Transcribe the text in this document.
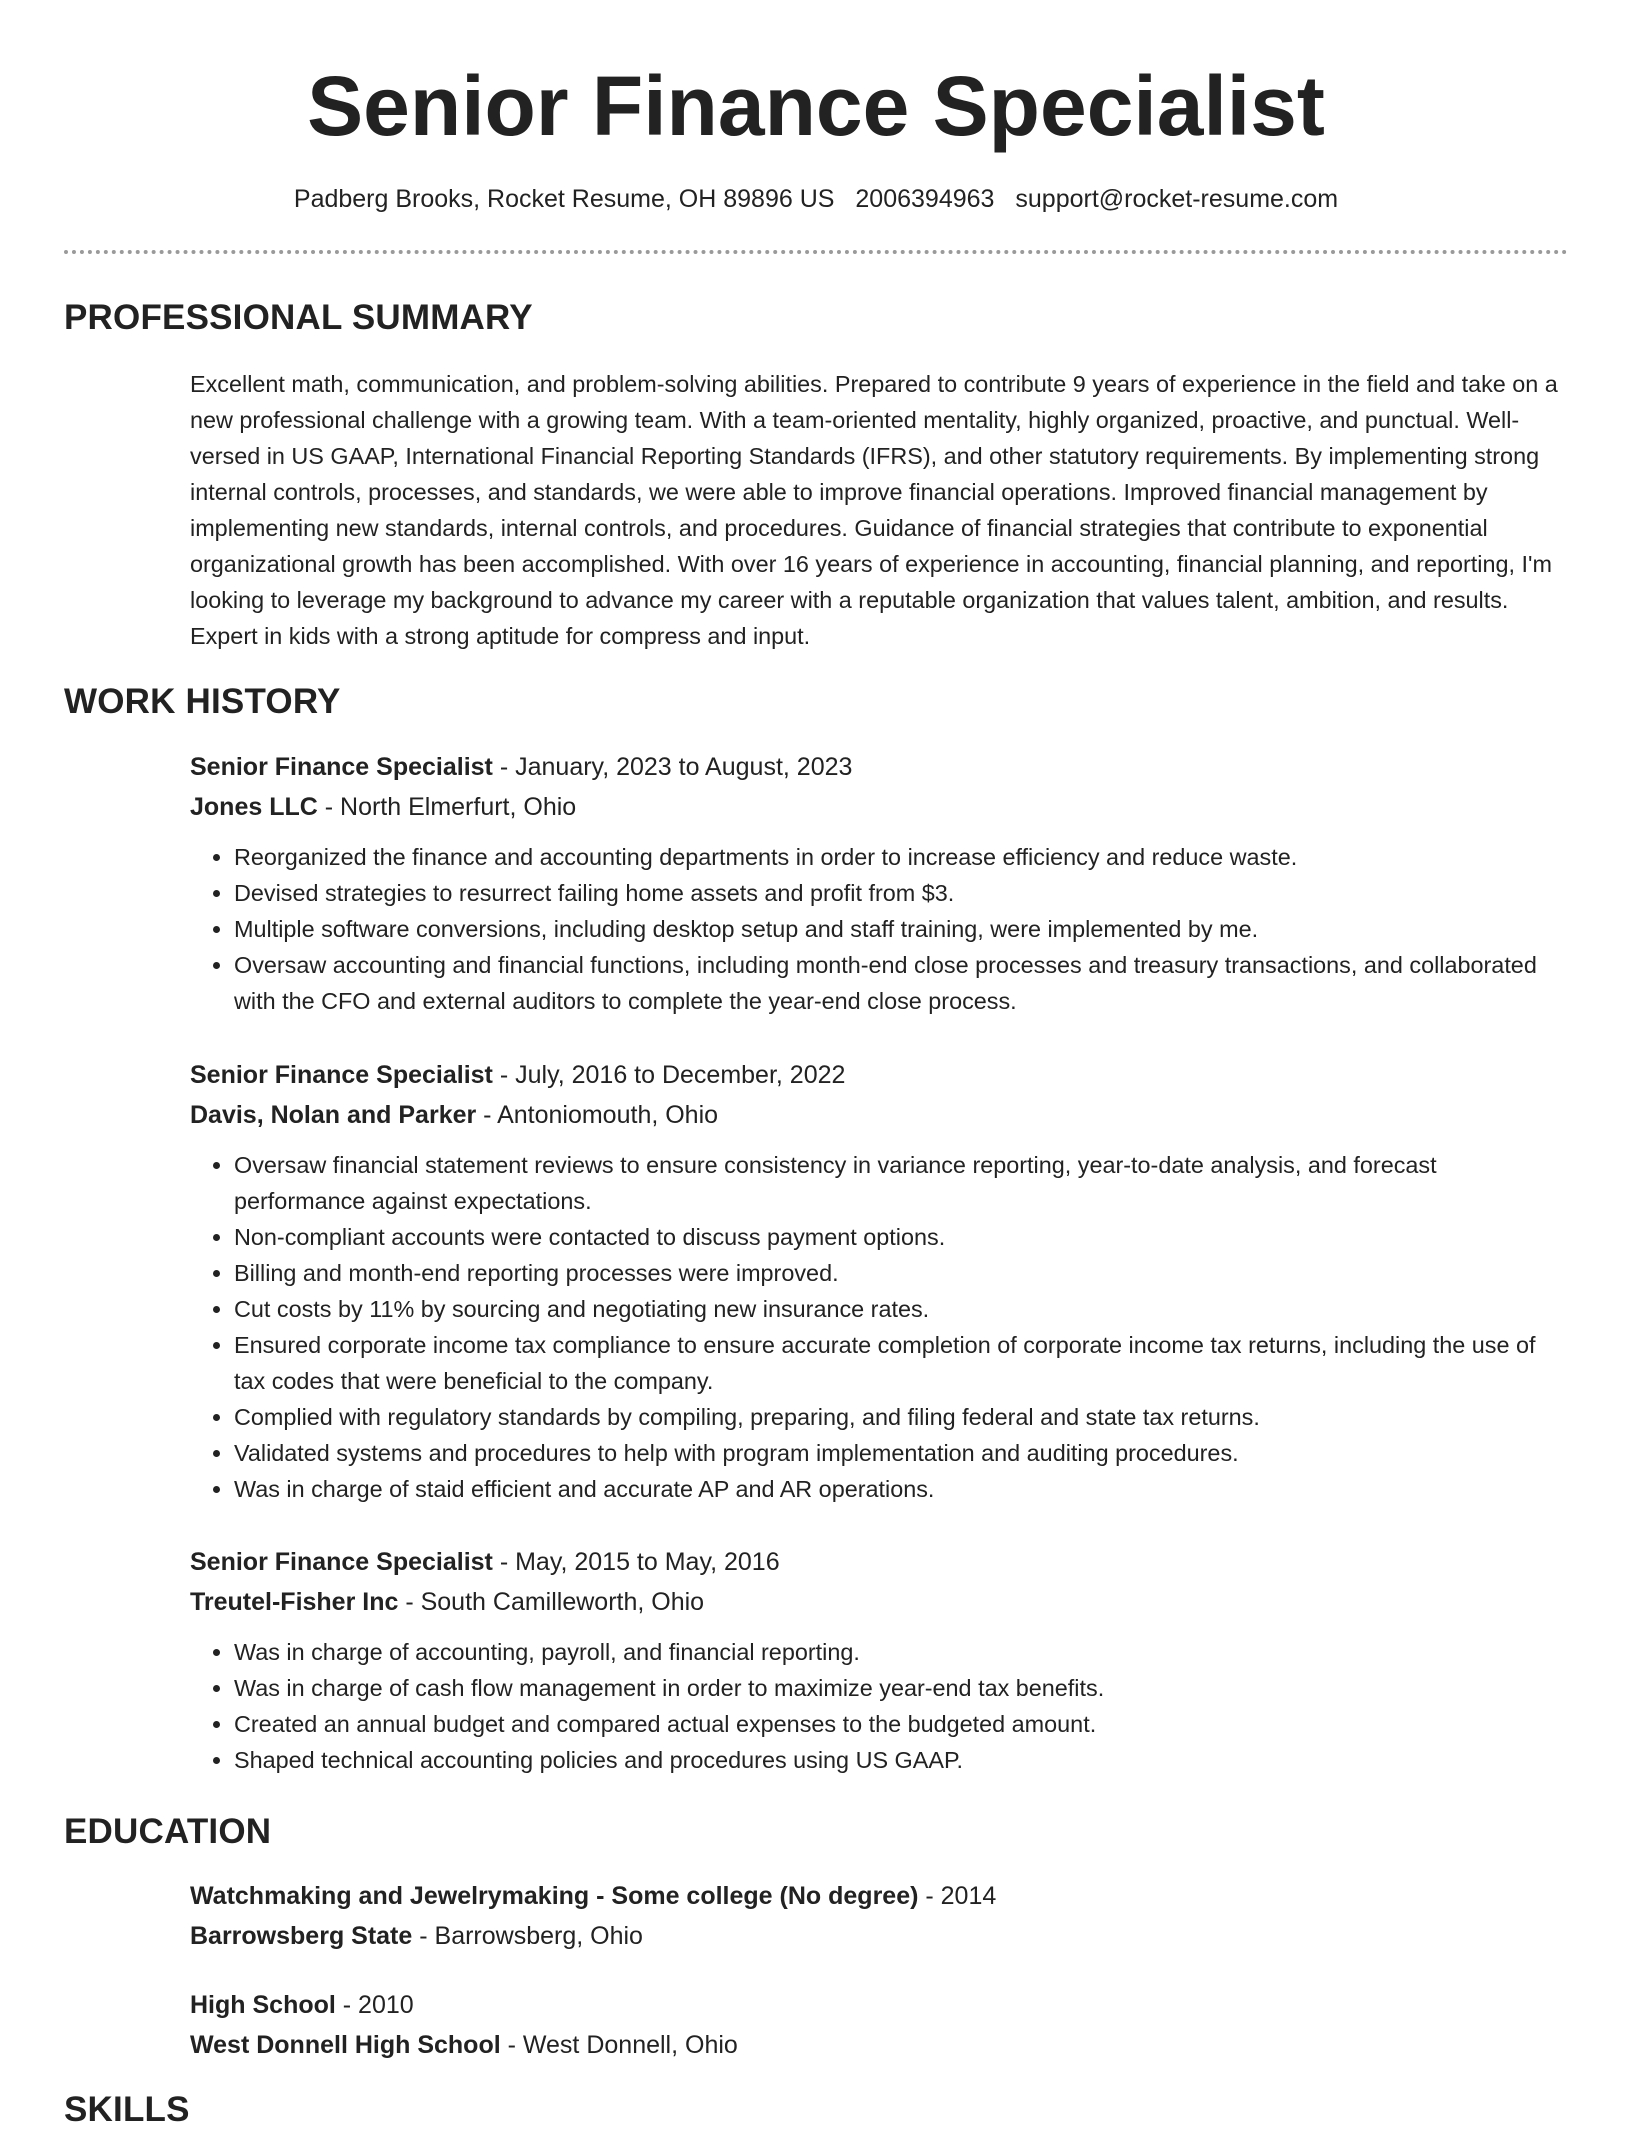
Senior Finance Specialist
Padberg Brooks, Rocket Resume, OH 89896 US 2006394963 support@rocket-resume.com
PROFESSIONAL SUMMARY
Excellent math, communication, and problem-solving abilities. Prepared to contribute 9 years of experience in the field and take on a new professional challenge with a growing team. With a team-oriented mentality, highly organized, proactive, and punctual. Well-versed in US GAAP, International Financial Reporting Standards (IFRS), and other statutory requirements. By implementing strong internal controls, processes, and standards, we were able to improve financial operations. Improved financial management by implementing new standards, internal controls, and procedures. Guidance of financial strategies that contribute to exponential organizational growth has been accomplished. With over 16 years of experience in accounting, financial planning, and reporting, I'm looking to leverage my background to advance my career with a reputable organization that values talent, ambition, and results. Expert in kids with a strong aptitude for compress and input.
WORK HISTORY
Senior Finance Specialist - January, 2023 to August, 2023
Jones LLC - North Elmerfurt, Ohio
• Reorganized the finance and accounting departments in order to increase efficiency and reduce waste.
• Devised strategies to resurrect failing home assets and profit from $3.
• Multiple software conversions, including desktop setup and staff training, were implemented by me.
• Oversaw accounting and financial functions, including month-end close processes and treasury transactions, and collaborated with the CFO and external auditors to complete the year-end close process.
Senior Finance Specialist - July, 2016 to December, 2022
Davis, Nolan and Parker - Antoniomouth, Ohio
• Oversaw financial statement reviews to ensure consistency in variance reporting, year-to-date analysis, and forecast performance against expectations.
• Non-compliant accounts were contacted to discuss payment options.
• Billing and month-end reporting processes were improved.
• Cut costs by 11% by sourcing and negotiating new insurance rates.
• Ensured corporate income tax compliance to ensure accurate completion of corporate income tax returns, including the use of tax codes that were beneficial to the company.
• Complied with regulatory standards by compiling, preparing, and filing federal and state tax returns.
• Validated systems and procedures to help with program implementation and auditing procedures.
• Was in charge of staid efficient and accurate AP and AR operations.
Senior Finance Specialist - May, 2015 to May, 2016
Treutel-Fisher Inc - South Camilleworth, Ohio
• Was in charge of accounting, payroll, and financial reporting.
• Was in charge of cash flow management in order to maximize year-end tax benefits.
• Created an annual budget and compared actual expenses to the budgeted amount.
• Shaped technical accounting policies and procedures using US GAAP.
EDUCATION
Watchmaking and Jewelrymaking - Some college (No degree) - 2014
Barrowsberg State - Barrowsberg, Ohio
High School - 2010
West Donnell High School - West Donnell, Ohio
SKILLS
